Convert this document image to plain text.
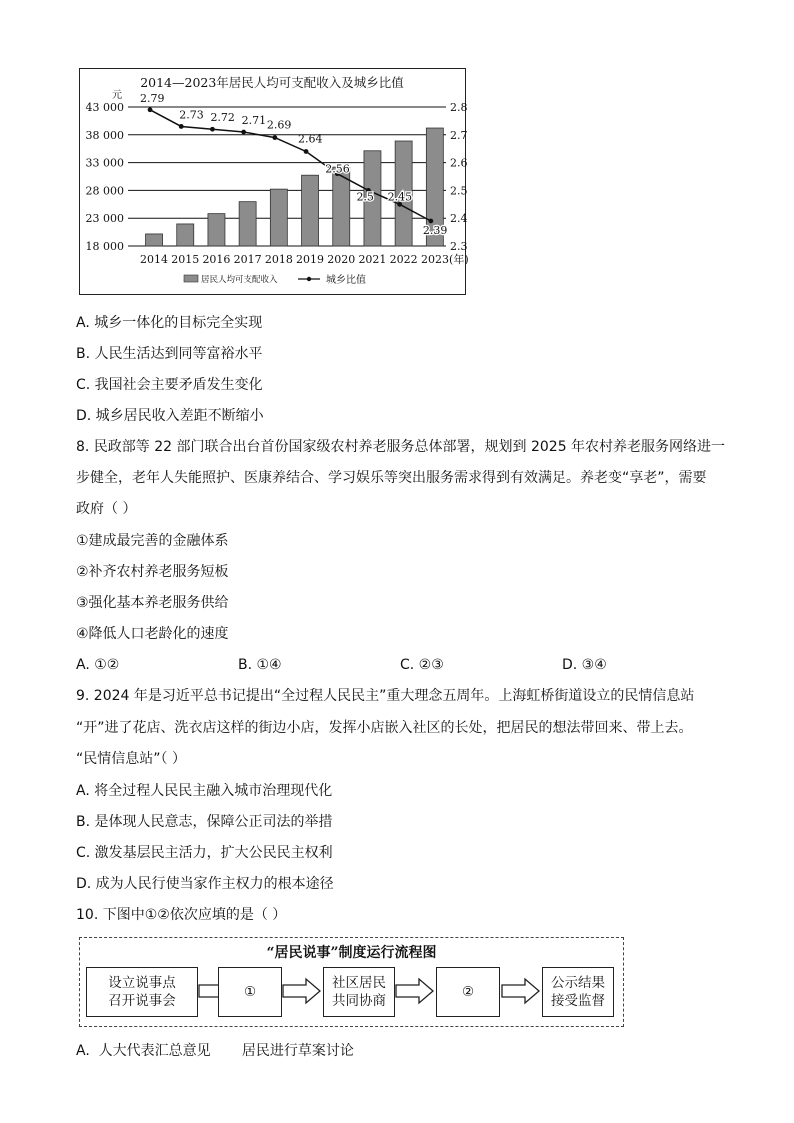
2014—2023年居民人均可支配收入及城乡比值
元
43 000
38 000
33 000
28 000
23 000
18 000
2.8
2.7
2.6
2.5
2.4
2.3
2.79
2.73 2.72 2.71 2.69
2.64
2.56
2.5 2.45
2.39
2014 2015 2016 2017 2018 2019 2020 2021 2022 2023(年)
居民人均可支配收入	城乡比值
A. 城乡一体化的目标完全实现
B. 人民生活达到同等富裕水平
C. 我国社会主要矛盾发生变化
D. 城乡居民收入差距不断缩小
8. 民政部等 22 部门联合出台首份国家级农村养老服务总体部署，规划到 2025 年农村养老服务网络进一
步健全，老年人失能照护、医康养结合、学习娱乐等突出服务需求得到有效满足。养老变“享老”，需要
政府（ ）
①建成最完善的金融体系
②补齐农村养老服务短板
③强化基本养老服务供给
④降低人口老龄化的速度
A. ①②	B. ①④	C. ②③	D. ③④
9. 2024 年是习近平总书记提出“全过程人民民主”重大理念五周年。上海虹桥街道设立的民情信息站
“开”进了花店、洗衣店这样的街边小店，发挥小店嵌入社区的长处，把居民的想法带回来、带上去。
“民情信息站”（ ）
A. 将全过程人民民主融入城市治理现代化
B. 是体现人民意志，保障公正司法的举措
C. 激发基层民主活力，扩大公民民主权利
D. 成为人民行使当家作主权力的根本途径
10. 下图中①②依次应填的是（ ）
“居民说事”制度运行流程图
设立说事点
召开说事会
①
社区居民
共同协商
②
公示结果
接受监督
A.  人大代表汇总意见       居民进行草案讨论
